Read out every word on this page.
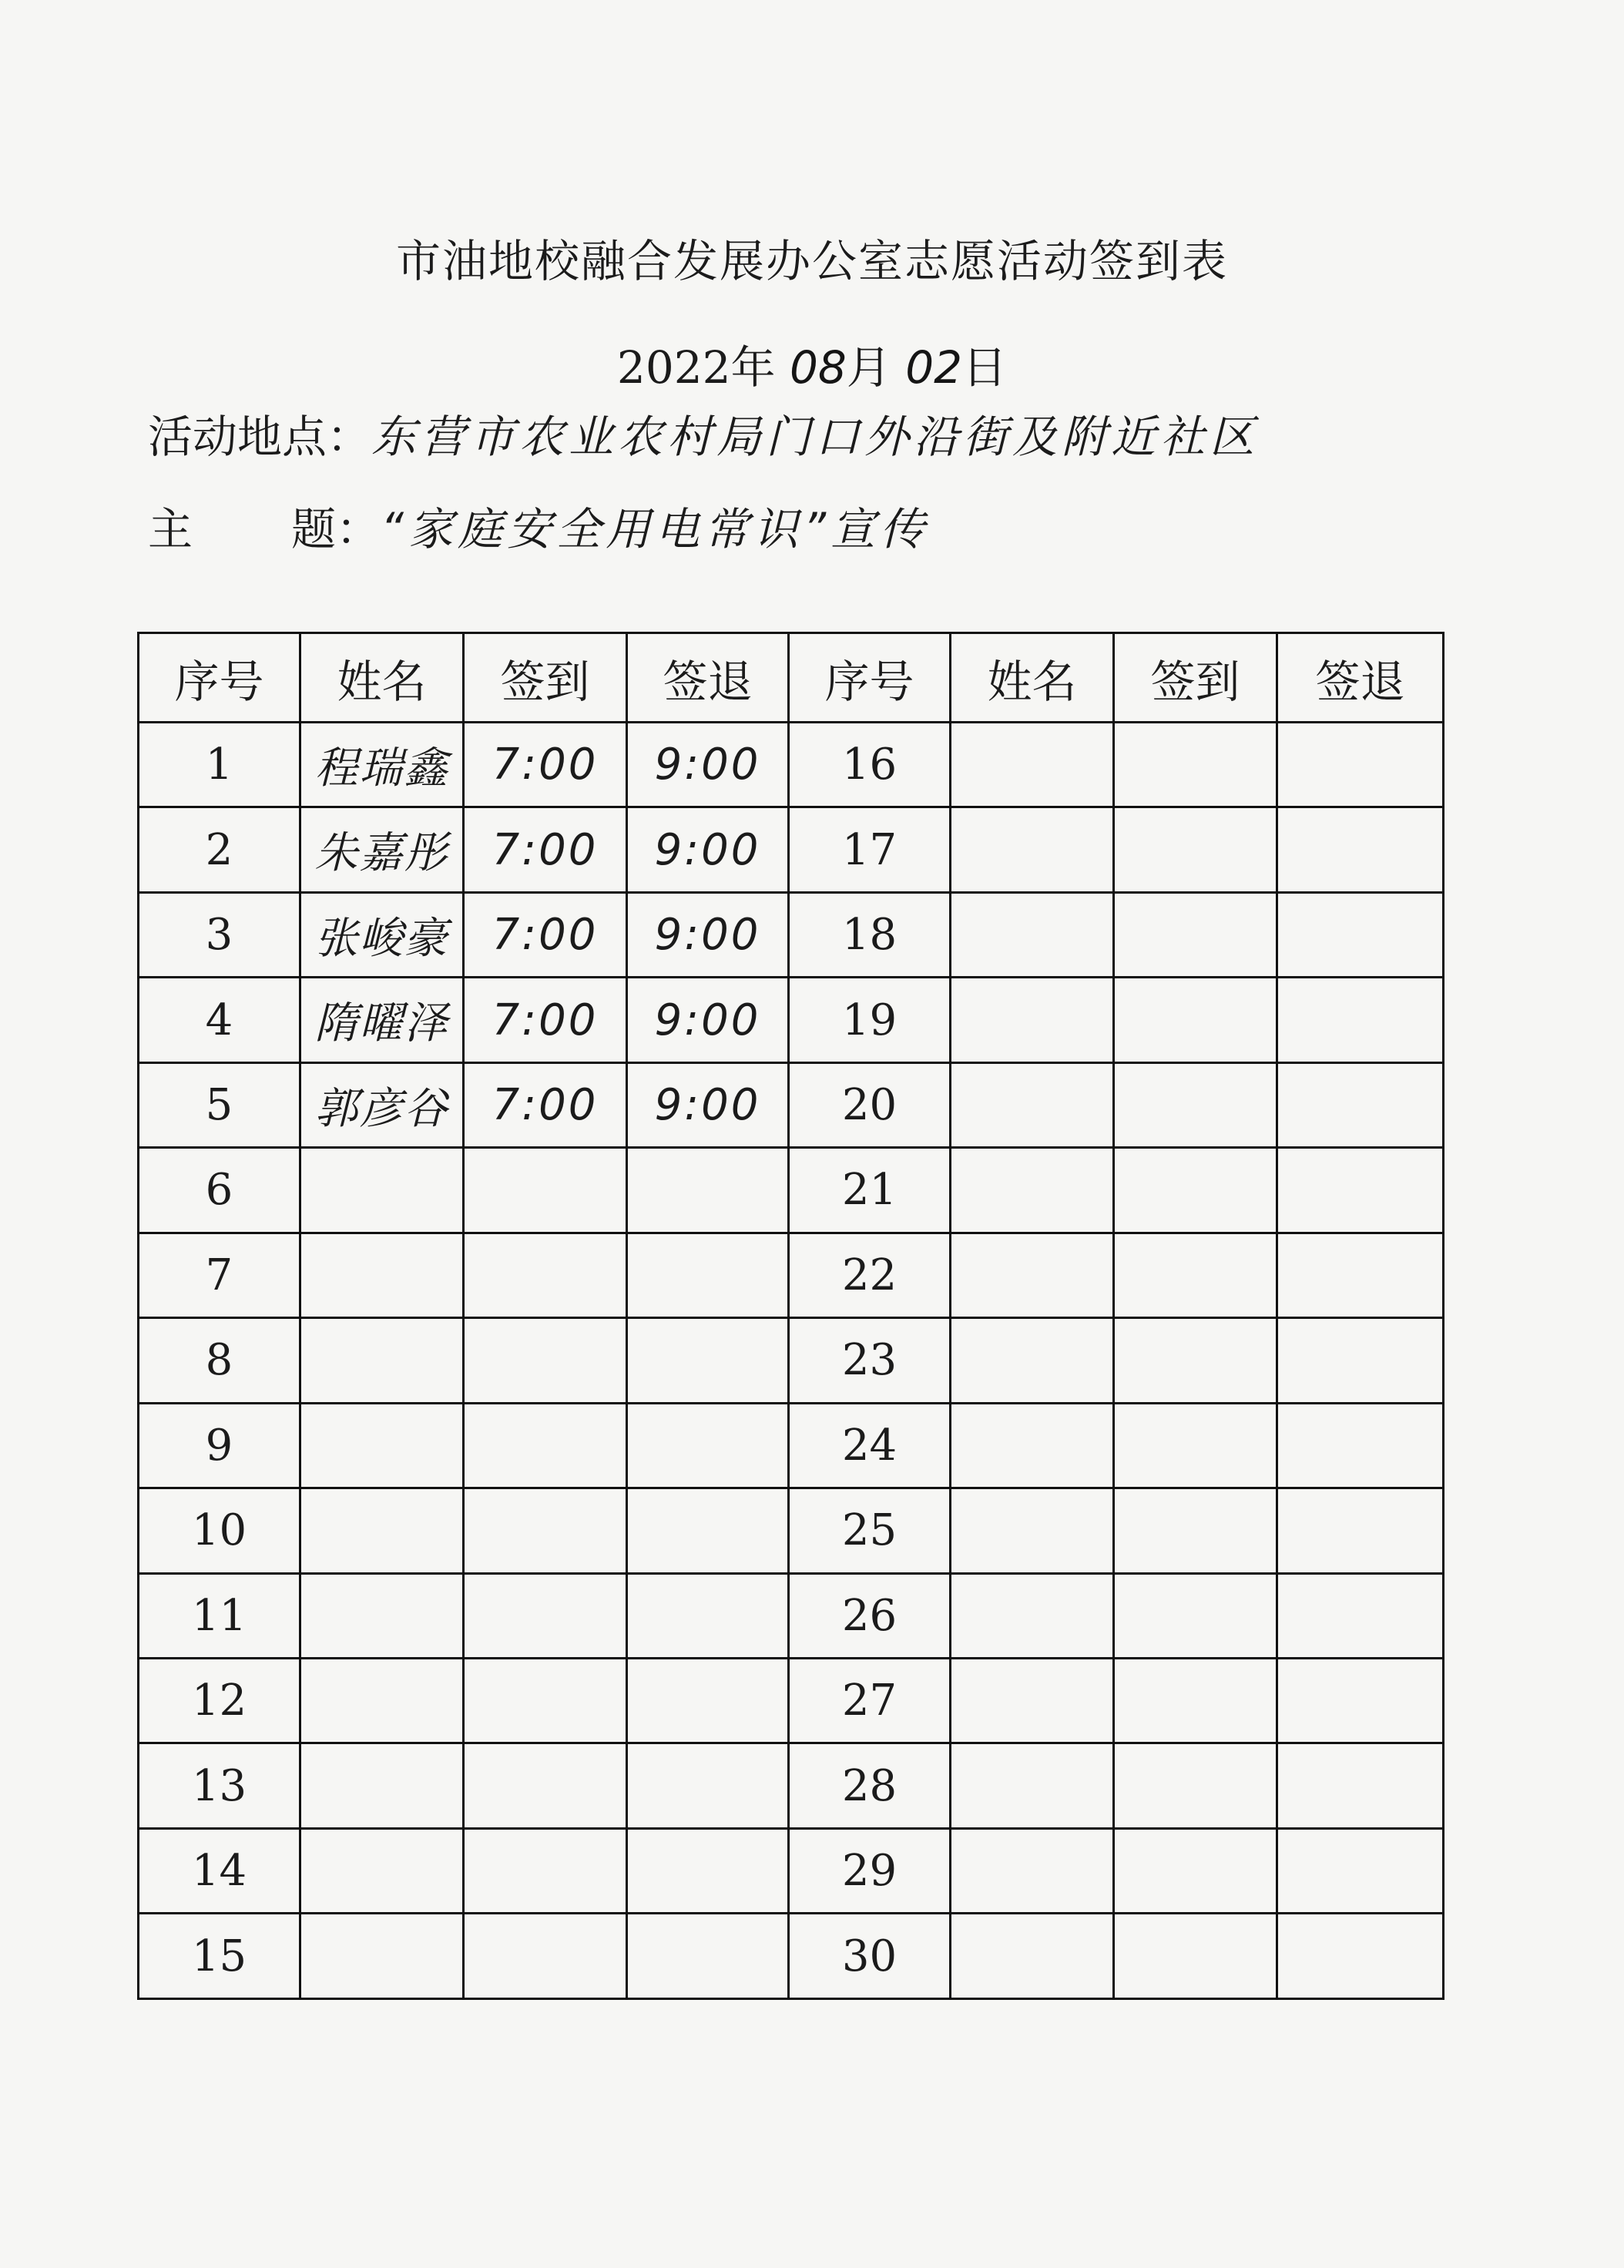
市油地校融合发展办公室志愿活动签到表
2022年 08月 02日
活动地点：东营市农业农村局门口外沿街及附近社区
主 题：“家庭安全用电常识”宣传
序号	姓名	签到	签退	序号	姓名	签到	签退
1	程瑞鑫	7:00	9:00	16			
2	朱嘉彤	7:00	9:00	17			
3	张峻豪	7:00	9:00	18			
4	隋曜泽	7:00	9:00	19			
5	郭彦谷	7:00	9:00	20			
6				21			
7				22			
8				23			
9				24			
10				25			
11				26			
12				27			
13				28			
14				29			
15				30			
